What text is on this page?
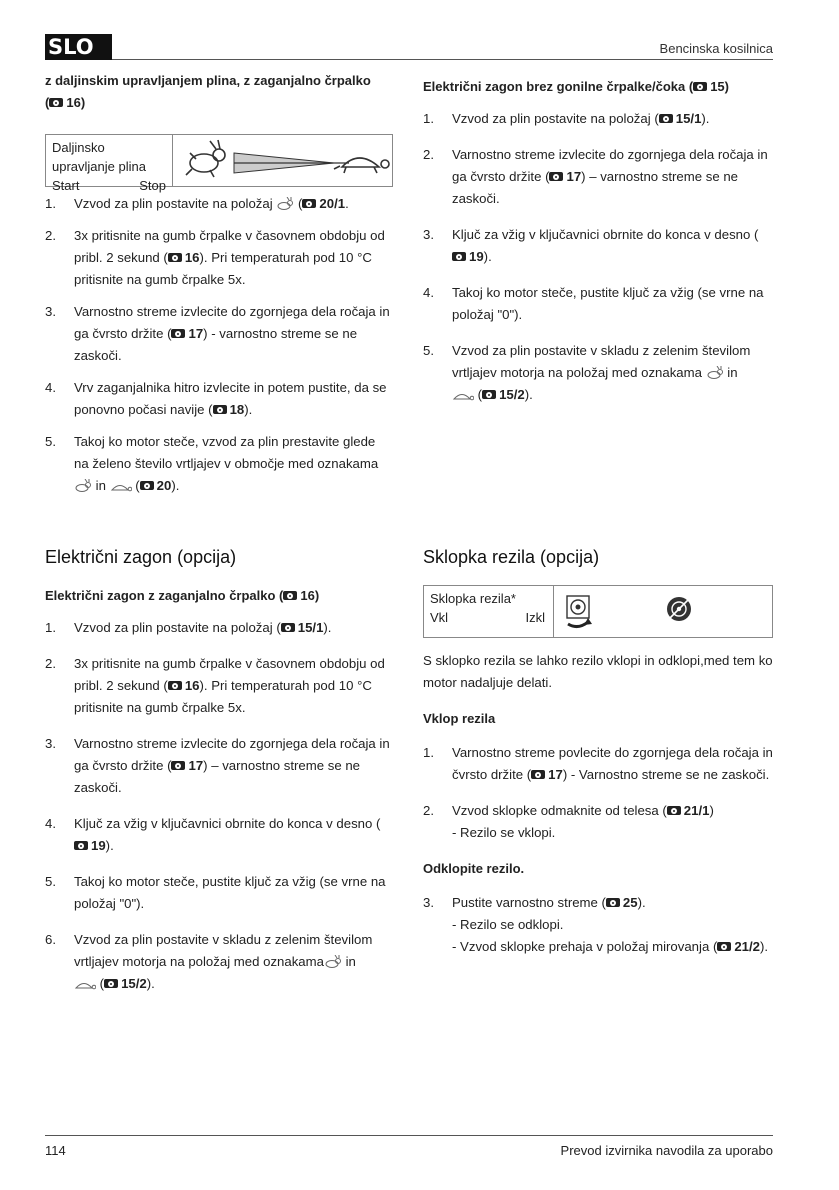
SLO	Bencinska kosilnica
z daljinskim upravljanjem plina, z zaganjalno črpalko ( 16)
Daljinsko
upravljanje plina
Start	Stop
1. Vzvod za plin postavite na položaj  ( 20/1.
2. 3x pritisnite na gumb črpalke v časovnem obdobju od pribl. 2 sekund ( 16). Pri temperaturah pod 10 °C pritisnite na gumb črpalke 5x.
3. Varnostno streme izvlecite do zgornjega dela ročaja in ga čvrsto držite ( 17) - varnostno streme se ne zaskoči.
4. Vrv zaganjalnika hitro izvlecite in potem pustite, da se ponovno počasi navije ( 18).
5. Takoj ko motor steče, vzvod za plin prestavite glede na želeno število vrtljajev v območje med oznakama
in  ( 20).
Električni zagon brez gonilne črpalke/čoka ( 15)
1. Vzvod za plin postavite na položaj ( 15/1).
2. Varnostno streme izvlecite do zgornjega dela ročaja in ga čvrsto držite ( 17) – varnostno streme se ne zaskoči.
3. Ključ za vžig v ključavnici obrnite do konca v desno (19).
4. Takoj ko motor steče, pustite ključ za vžig (se vrne na položaj "0").
5. Vzvod za plin postavite v skladu z zelenim številom vrtljajev motorja na položaj med oznakama  in
( 15/2).
Električni zagon (opcija)
Električni zagon z zaganjalno črpalko ( 16)
1. Vzvod za plin postavite na položaj ( 15/1).
2. 3x pritisnite na gumb črpalke v časovnem obdobju od pribl. 2 sekund ( 16). Pri temperaturah pod 10 °C pritisnite na gumb črpalke 5x.
3. Varnostno streme izvlecite do zgornjega dela ročaja in ga čvrsto držite ( 17) – varnostno streme se ne zaskoči.
4. Ključ za vžig v ključavnici obrnite do konca v desno (19).
5. Takoj ko motor steče, pustite ključ za vžig (se vrne na položaj "0").
6. Vzvod za plin postavite v skladu z zelenim številom vrtljajev motorja na položaj med oznakama in
( 15/2).
Sklopka rezila (opcija)
Sklopka rezila*
Vkl	Izkl

S sklopko rezila se lahko rezilo vklopi in odklopi,med tem ko motor nadaljuje delati.

Vklop rezila
1. Varnostno streme povlecite do zgornjega dela ročaja in čvrsto držite ( 17) - Varnostno streme se ne zaskoči.
2. Vzvod sklopke odmaknite od telesa ( 21/1)
- Rezilo se vklopi.
Odklopite rezilo.
3. Pustite varnostno streme ( 25).
- Rezilo se odklopi.
- Vzvod sklopke prehaja v položaj mirovanja ( 21/2).
114	Prevod izvirnika navodila za uporabo
